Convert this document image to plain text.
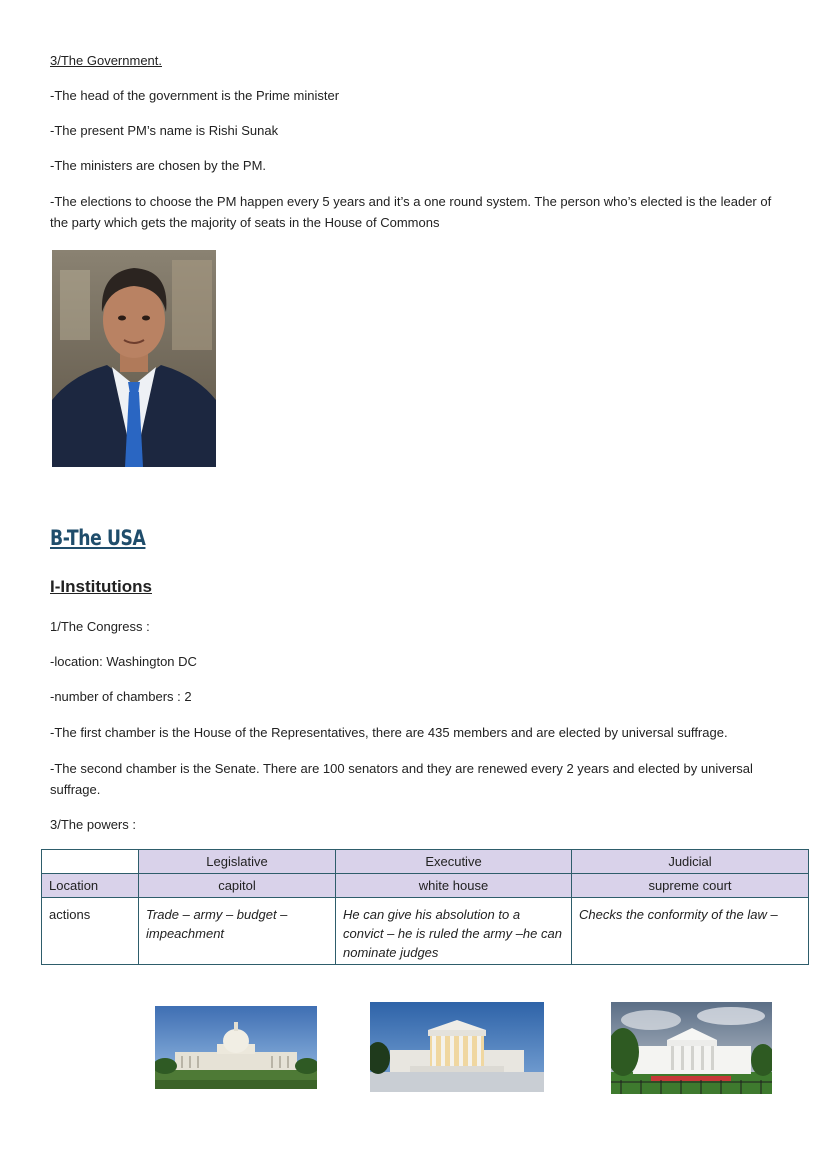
3/The Government.

-The head of the government is the Prime minister

-The present PM’s name is Rishi Sunak

-The ministers are chosen by the PM.

-The elections to choose the PM happen every 5 years and it’s a one round system. The person who’s elected is the leader of the party which gets the majority of seats in the House of Commons

B-The USA
I-Institutions

1/The Congress :

-location: Washington DC

-number of chambers : 2

-The first chamber is the House of the Representatives, there are 435 members and are elected by universal suffrage.

-The second chamber is the Senate. There are 100 senators and they are renewed every 2 years and elected by universal suffrage.

3/The powers :

	Legislative	Executive	Judicial
Location	capitol	white house	supreme court
actions	Trade – army – budget – impeachment	He can give his absolution to a convict – he is ruled the army –he can nominate judges	Checks the conformity of the law –
